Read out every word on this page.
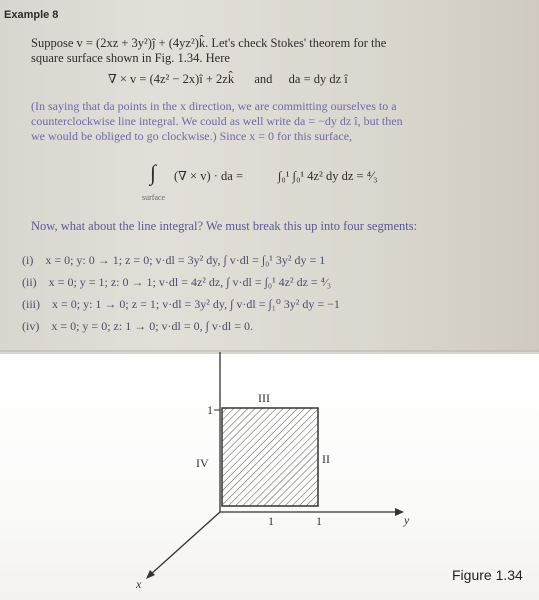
Example 8
Suppose v = (2xz + 3y²)ĵ + (4yz²)k̂. Let's check Stokes' theorem for the
square surface shown in Fig. 1.34. Here
∇ × v = (4z² − 2x)î + 2zk̂ and da = dy dz î
(In saying that da points in the x direction, we are committing ourselves to a
counterclockwise line integral. We could as well write da = −dy dz î, but then
we would be obliged to go clockwise.) Since x = 0 for this surface,
∫
surface
(∇ × v) · da =	∫₀¹ ∫₀¹ 4z² dy dz = ⁴⁄₃
Now, what about the line integral? We must break this up into four segments:
(i) x = 0; y: 0 → 1; z = 0; v·dl = 3y² dy, ∫ v·dl = ∫₀¹ 3y² dy = 1
(ii) x = 0; y = 1; z: 0 → 1; v·dl = 4z² dz, ∫ v·dl = ∫₀¹ 4z² dz = ⁴⁄₃
(iii) x = 0; y: 1 → 0; z = 1; v·dl = 3y² dy, ∫ v·dl = ∫₁⁰ 3y² dy = −1
(iv) x = 0; y = 0; z: 1 → 0; v·dl = 0, ∫ v·dl = 0.
III
II
IV
1
1	1	y
x
Figure 1.34
